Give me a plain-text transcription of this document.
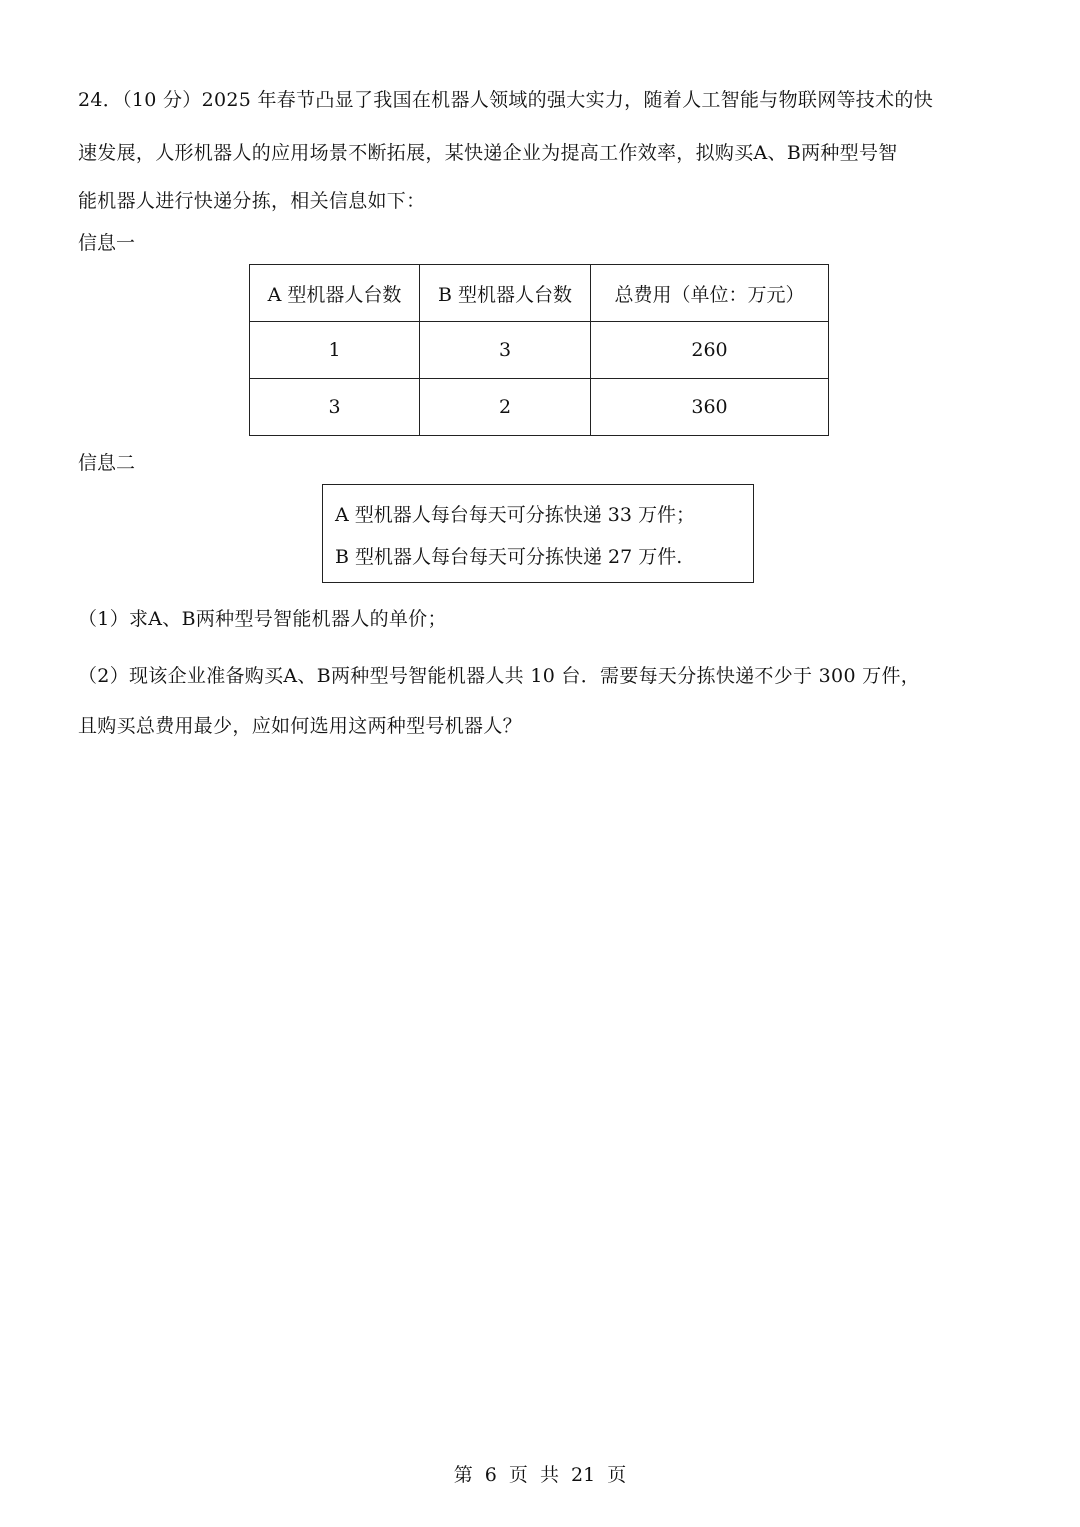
24．（10 分）2025 年春节凸显了我国在机器人领域的强大实力，随着人工智能与物联网等技术的快
速发展，人形机器人的应用场景不断拓展，某快递企业为提高工作效率，拟购买A、B两种型号智
能机器人进行快递分拣，相关信息如下：
信息一
A 型机器人台数	B 型机器人台数	总费用（单位：万元）
1	3	260
3	2	360
信息二
A 型机器人每台每天可分拣快递 33 万件；
B 型机器人每台每天可分拣快递 27 万件.
（1）求A、B两种型号智能机器人的单价；
（2）现该企业准备购买A、B两种型号智能机器人共 10 台．需要每天分拣快递不少于 300 万件，
且购买总费用最少，应如何选用这两种型号机器人？
第 6 页 共 21 页
